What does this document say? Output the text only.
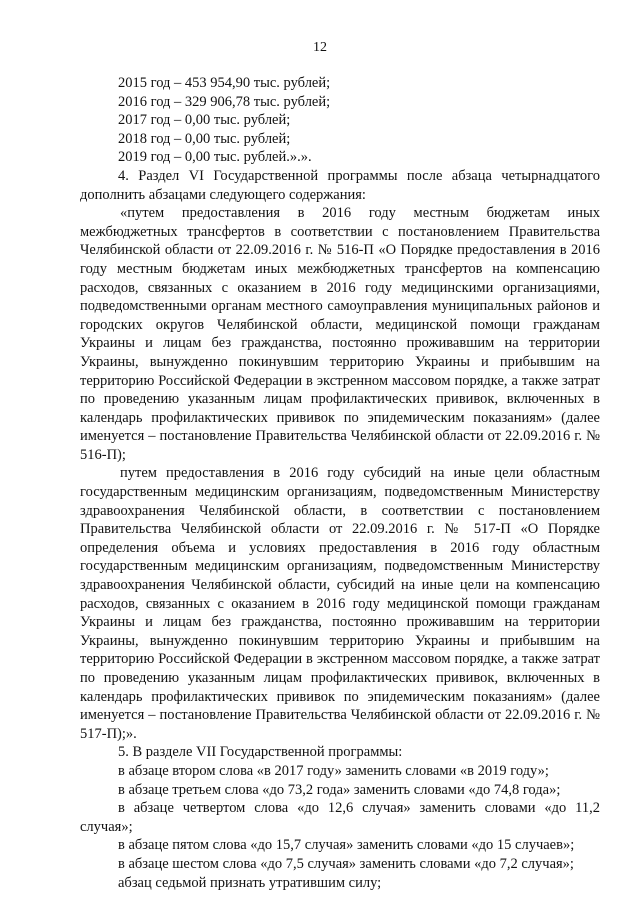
12
2015 год – 453 954,90 тыс. рублей;
2016 год – 329 906,78 тыс. рублей;
2017 год – 0,00 тыс. рублей;
2018 год – 0,00 тыс. рублей;
2019 год – 0,00 тыс. рублей.».».

4. Раздел VI Государственной программы после абзаца четырнадцатого дополнить абзацами следующего содержания:

«путем предоставления в 2016 году местным бюджетам иных межбюджетных трансфертов в соответствии с постановлением Правительства Челябинской области от 22.09.2016 г. № 516-П «О Порядке предоставления в 2016 году местным бюджетам иных межбюджетных трансфертов на компенсацию расходов, связанных с оказанием в 2016 году медицинскими организациями, подведомственными органам местного самоуправления муниципальных районов и городских округов Челябинской области, медицинской помощи гражданам Украины и лицам без гражданства, постоянно проживавшим на территории Украины, вынужденно покинувшим территорию Украины и прибывшим на территорию Российской Федерации в экстренном массовом порядке, а также затрат по проведению указанным лицам профилактических прививок, включенных в календарь профилактических прививок по эпидемическим показаниям» (далее именуется – постановление Правительства Челябинской области от 22.09.2016 г. № 516-П);

путем предоставления в 2016 году субсидий на иные цели областным государственным медицинским организациям, подведомственным Министерству здравоохранения Челябинской области, в соответствии с постановлением Правительства Челябинской области от 22.09.2016 г. № 517-П «О Порядке определения объема и условиях предоставления в 2016 году областным государственным медицинским организациям, подведомственным Министерству здравоохранения Челябинской области, субсидий на иные цели на компенсацию расходов, связанных с оказанием в 2016 году медицинской помощи гражданам Украины и лицам без гражданства, постоянно проживавшим на территории Украины, вынужденно покинувшим территорию Украины и прибывшим на территорию Российской Федерации в экстренном массовом порядке, а также затрат по проведению указанным лицам профилактических прививок, включенных в календарь профилактических прививок по эпидемическим показаниям» (далее именуется – постановление Правительства Челябинской области от 22.09.2016 г. № 517-П);».

5. В разделе VII Государственной программы:

в абзаце втором слова «в 2017 году» заменить словами «в 2019 году»;

в абзаце третьем слова «до 73,2 года» заменить словами «до 74,8 года»;

в абзаце четвертом слова «до 12,6 случая» заменить словами «до 11,2 случая»;

в абзаце пятом слова «до 15,7 случая» заменить словами «до 15 случаев»;

в абзаце шестом слова «до 7,5 случая» заменить словами «до 7,2 случая»;

абзац седьмой признать утратившим силу;
